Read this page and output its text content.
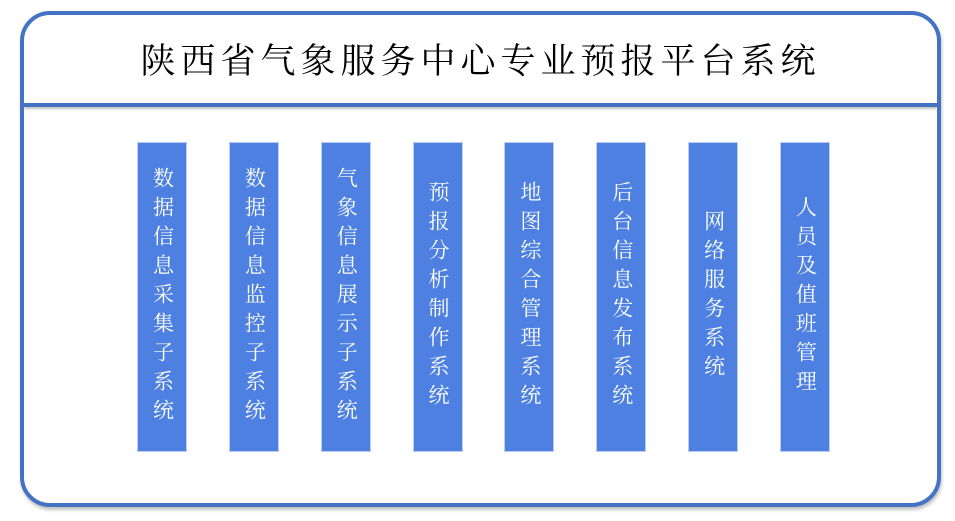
陕西省气象服务中心专业预报平台系统
数据信息采集子系统	数据信息监控子系统	气象信息展示子系统	预报分析制作系统	地图综合管理系统	后台信息发布系统	网络服务系统	人员及值班管理
